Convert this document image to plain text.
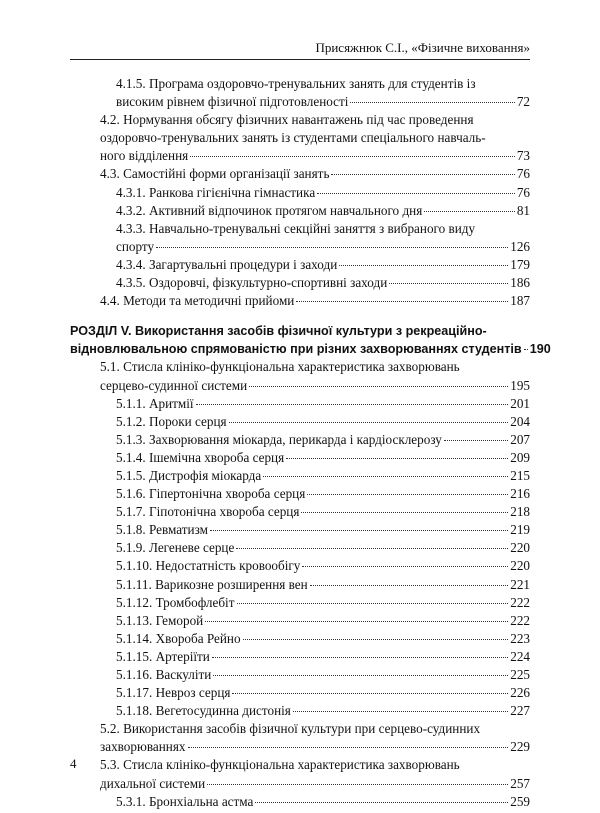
Присяжнюк С.І., «Фізичне виховання»
4.1.5. Програма оздоровчо-тренувальних занять для студентів із
високим рівнем фізичної підготовленості	72
4.2. Нормування обсягу фізичних навантажень під час проведення
оздоровчо-тренувальних занять із студентами спеціального навчаль-
ного відділення	73
4.3. Самостійні форми організації занять	76
4.3.1. Ранкова гігієнічна гімнастика	76
4.3.2. Активний відпочинок протягом навчального дня	81
4.3.3. Навчально-тренувальні секційні заняття з вибраного виду
спорту	126
4.3.4. Загартувальні процедури і заходи	179
4.3.5. Оздоровчі, фізкультурно-спортивні заходи	186
4.4. Методи та методичні прийоми	187
РОЗДІЛ V. Використання засобів фізичної культури з рекреаційно-
відновлювальною спрямованістю при різних захворюваннях студентів 190
5.1. Стисла клініко-функціональна характеристика захворювань
серцево-судинної системи	195
5.1.1. Аритмії	201
5.1.2. Пороки серця	204
5.1.3. Захворювання міокарда, перикарда і кардіосклерозу	207
5.1.4. Ішемічна хвороба серця	209
5.1.5. Дистрофія міокарда	215
5.1.6. Гіпертонічна хвороба серця	216
5.1.7. Гіпотонічна хвороба серця	218
5.1.8. Ревматизм	219
5.1.9. Легеневе серце	220
5.1.10. Недостатність кровообігу	220
5.1.11. Варикозне розширення вен	221
5.1.12. Тромбофлебіт	222
5.1.13. Геморой	222
5.1.14. Хвороба Рейно	223
5.1.15. Артеріїти	224
5.1.16. Васкуліти	225
5.1.17. Невроз серця	226
5.1.18. Вегетосудинна дистонія	227
5.2. Використання засобів фізичної культури при серцево-судинних
захворюваннях	229
5.3. Стисла клініко-функціональна характеристика захворювань
дихальної системи	257
5.3.1. Бронхіальна астма	259
4
